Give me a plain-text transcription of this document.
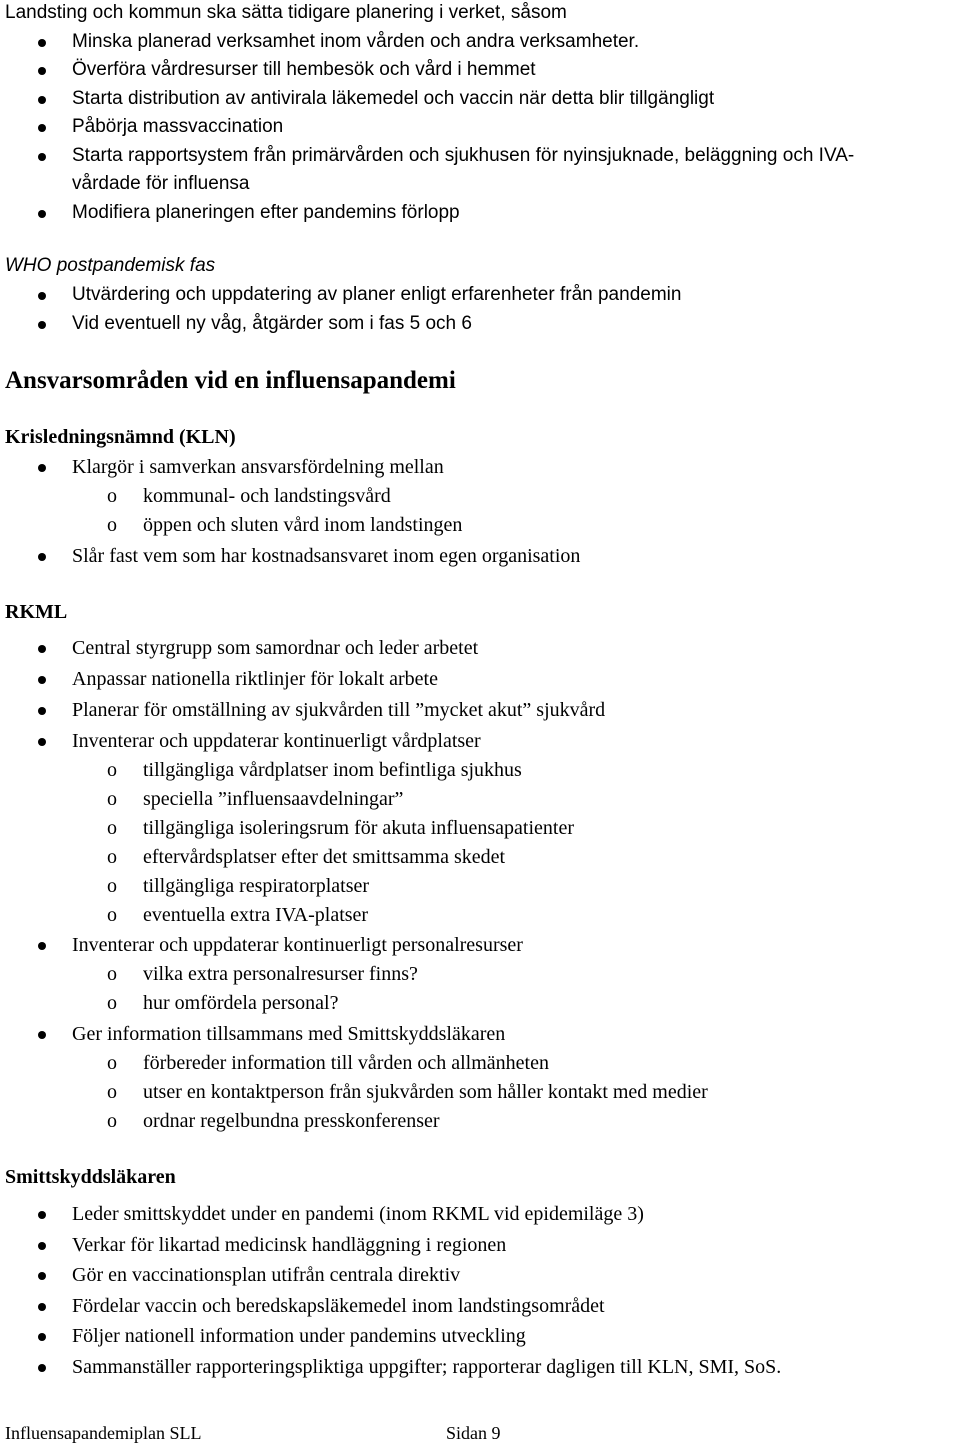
Landsting och kommun ska sätta tidigare planering i verket, såsom
Minska planerad verksamhet inom vården och andra verksamheter.
Överföra vårdresurser till hembesök och vård i hemmet
Starta distribution av antivirala läkemedel och vaccin när detta blir tillgängligt
Påbörja massvaccination
Starta rapportsystem från primärvården och sjukhusen för nyinsjuknade, beläggning och IVA-
vårdade för influensa
Modifiera planeringen efter pandemins förlopp
WHO postpandemisk fas
Utvärdering och uppdatering av planer enligt erfarenheter från pandemin
Vid eventuell ny våg, åtgärder som i fas 5 och 6
Ansvarsområden vid en influensapandemi
Krisledningsnämnd (KLN)
Klargör i samverkan ansvarsfördelning mellan
o kommunal- och landstingsvård
o öppen och sluten vård inom landstingen
Slår fast vem som har kostnadsansvaret inom egen organisation
RKML
Central styrgrupp som samordnar och leder arbetet
Anpassar nationella riktlinjer för lokalt arbete
Planerar för omställning av sjukvården till ”mycket akut” sjukvård
Inventerar och uppdaterar kontinuerligt vårdplatser
o tillgängliga vårdplatser inom befintliga sjukhus
o speciella ”influensaavdelningar”
o tillgängliga isoleringsrum för akuta influensapatienter
o eftervårdsplatser efter det smittsamma skedet
o tillgängliga respiratorplatser
o eventuella extra IVA-platser
Inventerar och uppdaterar kontinuerligt personalresurser
o vilka extra personalresurser finns?
o hur omfördela personal?
Ger information tillsammans med Smittskyddsläkaren
o förbereder information till vården och allmänheten
o utser en kontaktperson från sjukvården som håller kontakt med medier
o ordnar regelbundna presskonferenser
Smittskyddsläkaren
Leder smittskyddet under en pandemi (inom RKML vid epidemiläge 3)
Verkar för likartad medicinsk handläggning i regionen
Gör en vaccinationsplan utifrån centrala direktiv
Fördelar vaccin och beredskapsläkemedel inom landstingsområdet
Följer nationell information under pandemins utveckling
Sammanställer rapporteringspliktiga uppgifter; rapporterar dagligen till KLN, SMI, SoS.
Influensapandemiplan SLL	Sidan 9
